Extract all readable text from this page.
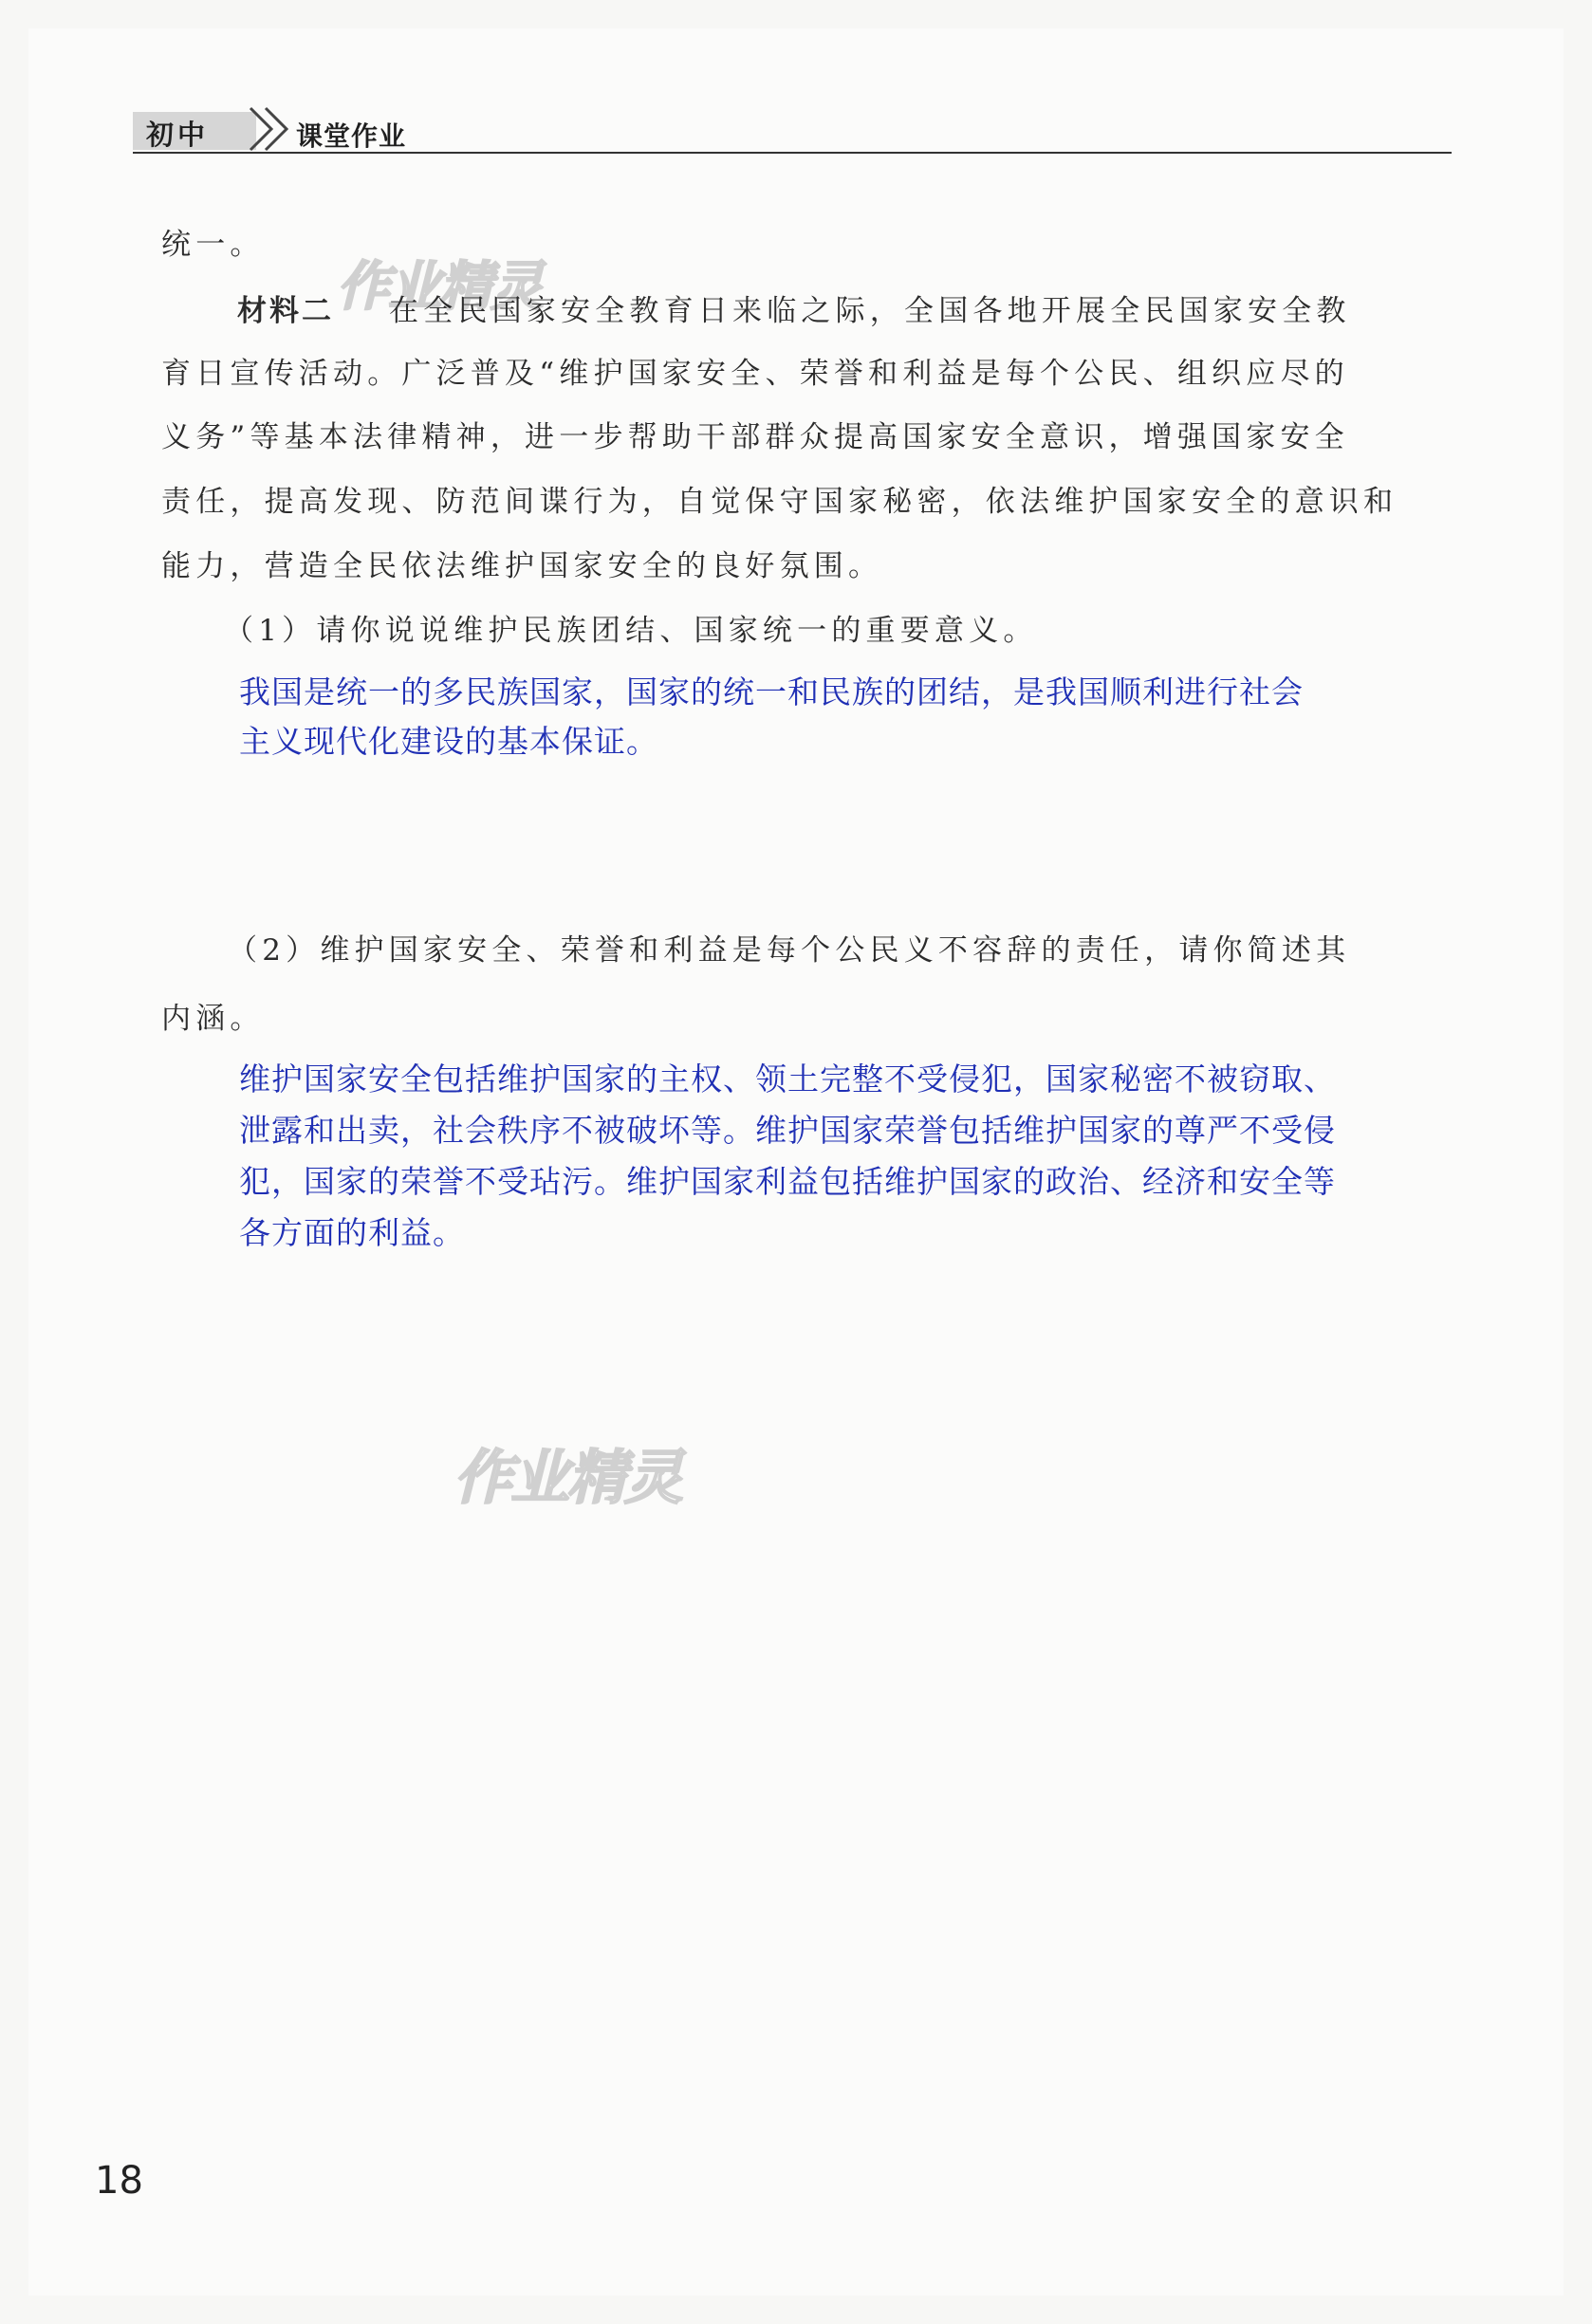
初中	课堂作业
作业精灵
作业精灵
统一。
材料二 在全民国家安全教育日来临之际，全国各地开展全民国家安全教
育日宣传活动。广泛普及“维护国家安全、荣誉和利益是每个公民、组织应尽的
义务”等基本法律精神，进一步帮助干部群众提高国家安全意识，增强国家安全
责任，提高发现、防范间谍行为，自觉保守国家秘密，依法维护国家安全的意识和
能力，营造全民依法维护国家安全的良好氛围。
（1）请你说说维护民族团结、国家统一的重要意义。
我国是统一的多民族国家，国家的统一和民族的团结，是我国顺利进行社会
主义现代化建设的基本保证。
（2）维护国家安全、荣誉和利益是每个公民义不容辞的责任，请你简述其
内涵。
维护国家安全包括维护国家的主权、领土完整不受侵犯，国家秘密不被窃取、
泄露和出卖，社会秩序不被破坏等。维护国家荣誉包括维护国家的尊严不受侵
犯，国家的荣誉不受玷污。维护国家利益包括维护国家的政治、经济和安全等
各方面的利益。
18
